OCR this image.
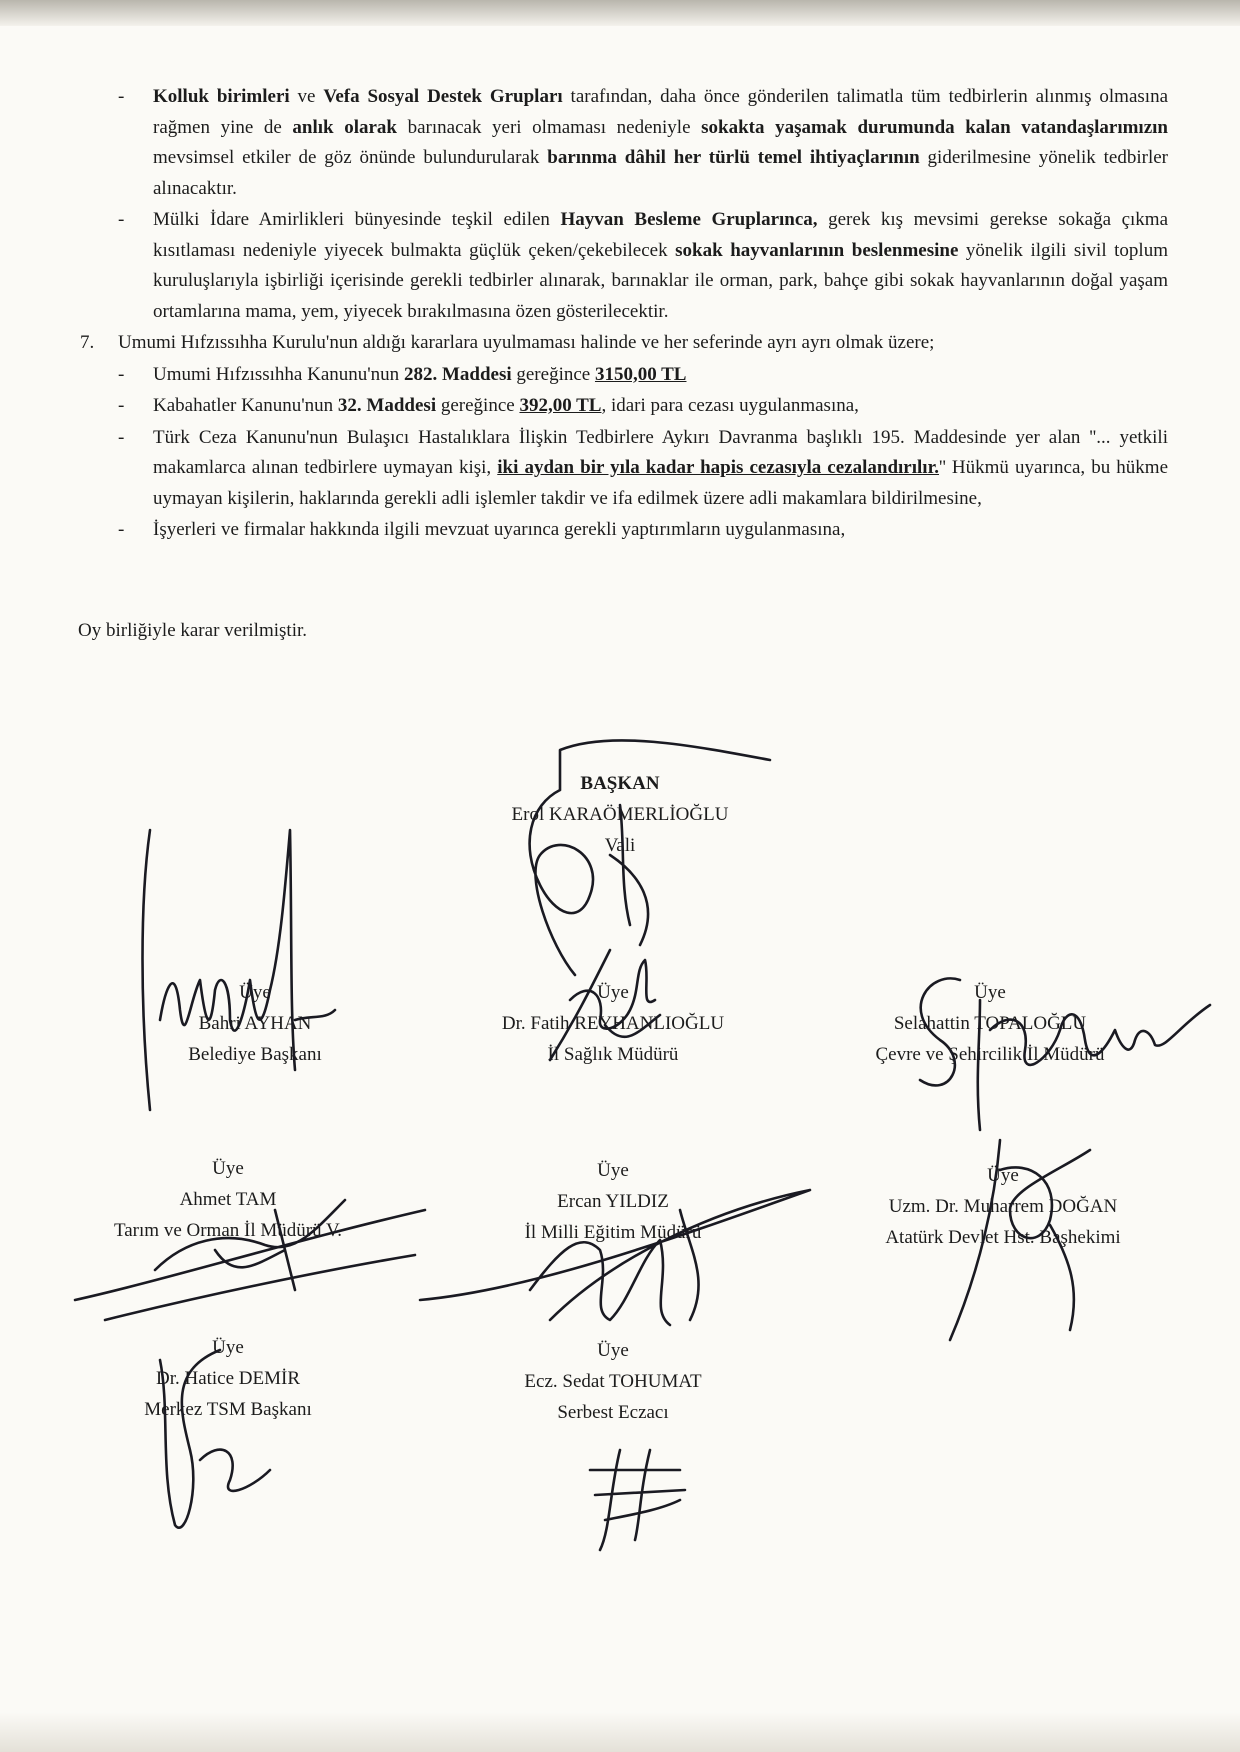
- Kolluk birimleri ve Vefa Sosyal Destek Grupları tarafından, daha önce gönderilen talimatla tüm tedbirlerin alınmış olmasına rağmen yine de anlık olarak barınacak yeri olmaması nedeniyle sokakta yaşamak durumunda kalan vatandaşlarımızın mevsimsel etkiler de göz önünde bulundurularak barınma dâhil her türlü temel ihtiyaçlarının giderilmesine yönelik tedbirler alınacaktır.
- Mülki İdare Amirlikleri bünyesinde teşkil edilen Hayvan Besleme Gruplarınca, gerek kış mevsimi gerekse sokağa çıkma kısıtlaması nedeniyle yiyecek bulmakta güçlük çeken/çekebilecek sokak hayvanlarının beslenmesine yönelik ilgili sivil toplum kuruluşlarıyla işbirliği içerisinde gerekli tedbirler alınarak, barınaklar ile orman, park, bahçe gibi sokak hayvanlarının doğal yaşam ortamlarına mama, yem, yiyecek bırakılmasına özen gösterilecektir.
7. Umumi Hıfzıssıhha Kurulu'nun aldığı kararlara uyulmaması halinde ve her seferinde ayrı ayrı olmak üzere;
- Umumi Hıfzıssıhha Kanunu'nun 282. Maddesi gereğince 3150,00 TL
- Kabahatler Kanunu'nun 32. Maddesi gereğince 392,00 TL, idari para cezası uygulanmasına,
- Türk Ceza Kanunu'nun Bulaşıcı Hastalıklara İlişkin Tedbirlere Aykırı Davranma başlıklı 195. Maddesinde yer alan ''... yetkili makamlarca alınan tedbirlere uymayan kişi, iki aydan bir yıla kadar hapis cezasıyla cezalandırılır.'' Hükmü uyarınca, bu hükme uymayan kişilerin, haklarında gerekli adli işlemler takdir ve ifa edilmek üzere adli makamlara bildirilmesine,
- İşyerleri ve firmalar hakkında ilgili mevzuat uyarınca gerekli yaptırımların uygulanmasına,
Oy birliğiyle karar verilmiştir.
BAŞKAN
Erol KARAÖMERLİOĞLU
Vali
Üye
Bahri AYHAN
Belediye Başkanı
Üye
Dr. Fatih REYHANLIOĞLU
İl Sağlık Müdürü
Üye
Selahattin TOPALOĞLU
Çevre ve Şehircilik İl Müdürü
Üye
Ahmet TAM
Tarım ve Orman İl Müdürü V.
Üye
Ercan YILDIZ
İl Milli Eğitim Müdürü
Üye
Uzm. Dr. Muharrem DOĞAN
Atatürk Devlet Hst. Başhekimi
Üye
Dr. Hatice DEMİR
Merkez TSM Başkanı
Üye
Ecz. Sedat TOHUMAT
Serbest Eczacı
